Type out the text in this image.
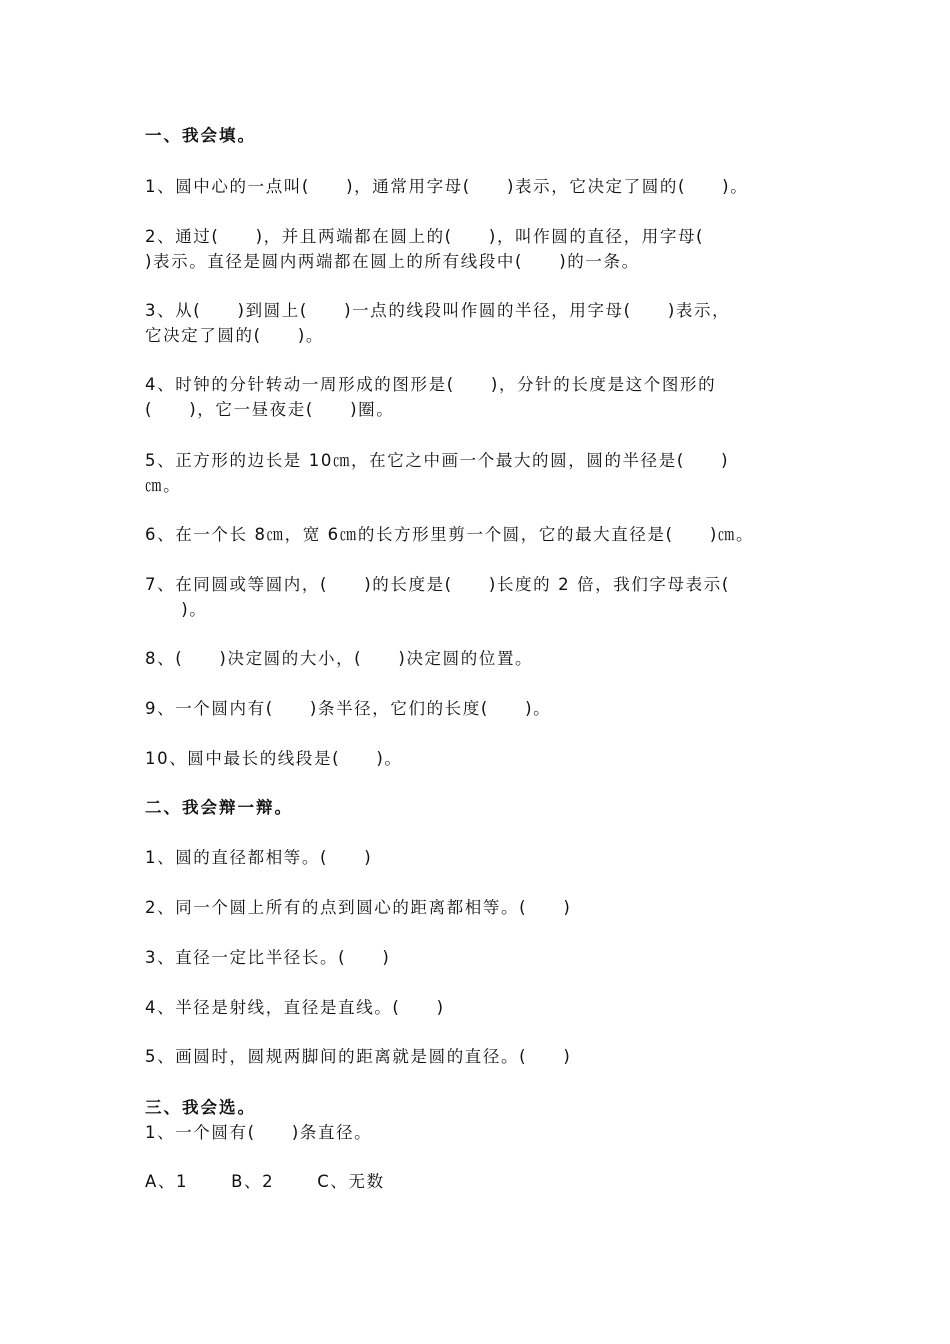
一、我会填。
1、圆中心的一点叫(　　)，通常用字母(　　)表示，它决定了圆的(　　)。
2、通过(　　)，并且两端都在圆上的(　　)，叫作圆的直径，用字母(
)表示。直径是圆内两端都在圆上的所有线段中(　　)的一条。
3、从(　　)到圆上(　　)一点的线段叫作圆的半径，用字母(　　)表示，
它决定了圆的(　　)。
4、时钟的分针转动一周形成的图形是(　　)，分针的长度是这个图形的
(　　)，它一昼夜走(　　)圈。
5、正方形的边长是 10㎝，在它之中画一个最大的圆，圆的半径是(　　)
㎝。
6、在一个长 8㎝，宽 6㎝的长方形里剪一个圆，它的最大直径是(　　)㎝。
7、在同圆或等圆内，(　　)的长度是(　　)长度的 2 倍，我们字母表示(
　　)。
8、(　　)决定圆的大小，(　　)决定圆的位置。
9、一个圆内有(　　)条半径，它们的长度(　　)。
10、圆中最长的线段是(　　)。
二、我会辩一辩。
1、圆的直径都相等。(　　)
2、同一个圆上所有的点到圆心的距离都相等。(　　)
3、直径一定比半径长。(　　)
4、半径是射线，直径是直线。(　　)
5、画圆时，圆规两脚间的距离就是圆的直径。(　　)
三、我会选。
1、一个圆有(　　)条直径。
A、1　　 B、2　　 C、无数
